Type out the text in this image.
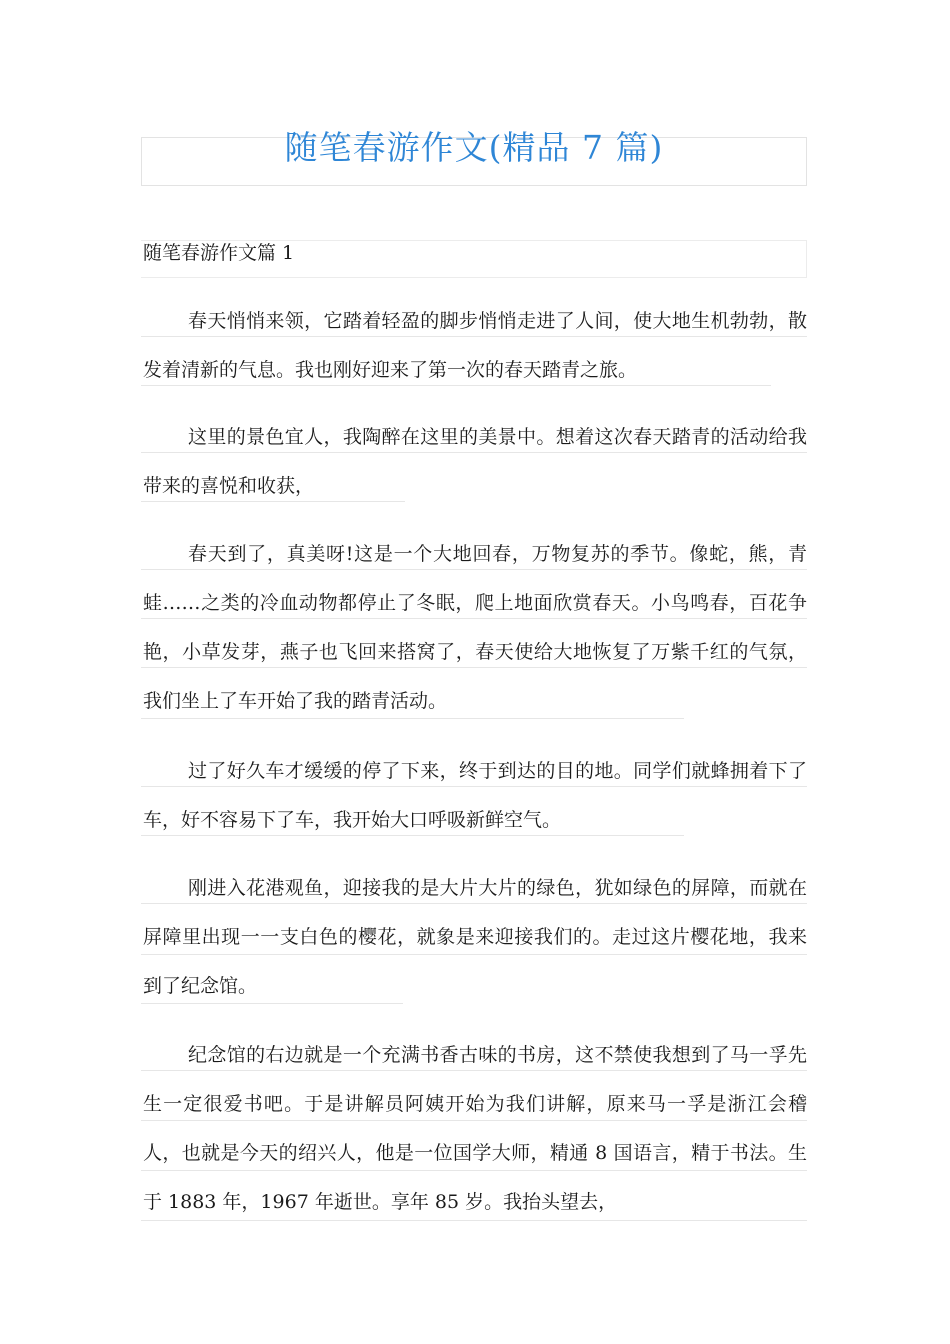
随笔春游作文(精品 7 篇)
随笔春游作文篇 1
春天悄悄来领，它踏着轻盈的脚步悄悄走进了人间，使大地生机勃勃，散发着清新的气息。我也刚好迎来了第一次的春天踏青之旅。
这里的景色宜人，我陶醉在这里的美景中。想着这次春天踏青的活动给我带来的喜悦和收获，
春天到了，真美呀!这是一个大地回春，万物复苏的季节。像蛇，熊，青蛙……之类的冷血动物都停止了冬眠，爬上地面欣赏春天。小鸟鸣春，百花争艳，小草发芽，燕子也飞回来搭窝了，春天使给大地恢复了万紫千红的气氛，我们坐上了车开始了我的踏青活动。
过了好久车才缓缓的停了下来，终于到达的目的地。同学们就蜂拥着下了车，好不容易下了车，我开始大口呼吸新鲜空气。
刚进入花港观鱼，迎接我的是大片大片的绿色，犹如绿色的屏障，而就在屏障里出现一一支白色的樱花，就象是来迎接我们的。走过这片樱花地，我来到了纪念馆。
纪念馆的右边就是一个充满书香古味的书房，这不禁使我想到了马一孚先生一定很爱书吧。于是讲解员阿姨开始为我们讲解，原来马一孚是浙江会稽人，也就是今天的绍兴人，他是一位国学大师，精通 8 国语言，精于书法。生于 1883 年，1967 年逝世。享年 85 岁。我抬头望去，
